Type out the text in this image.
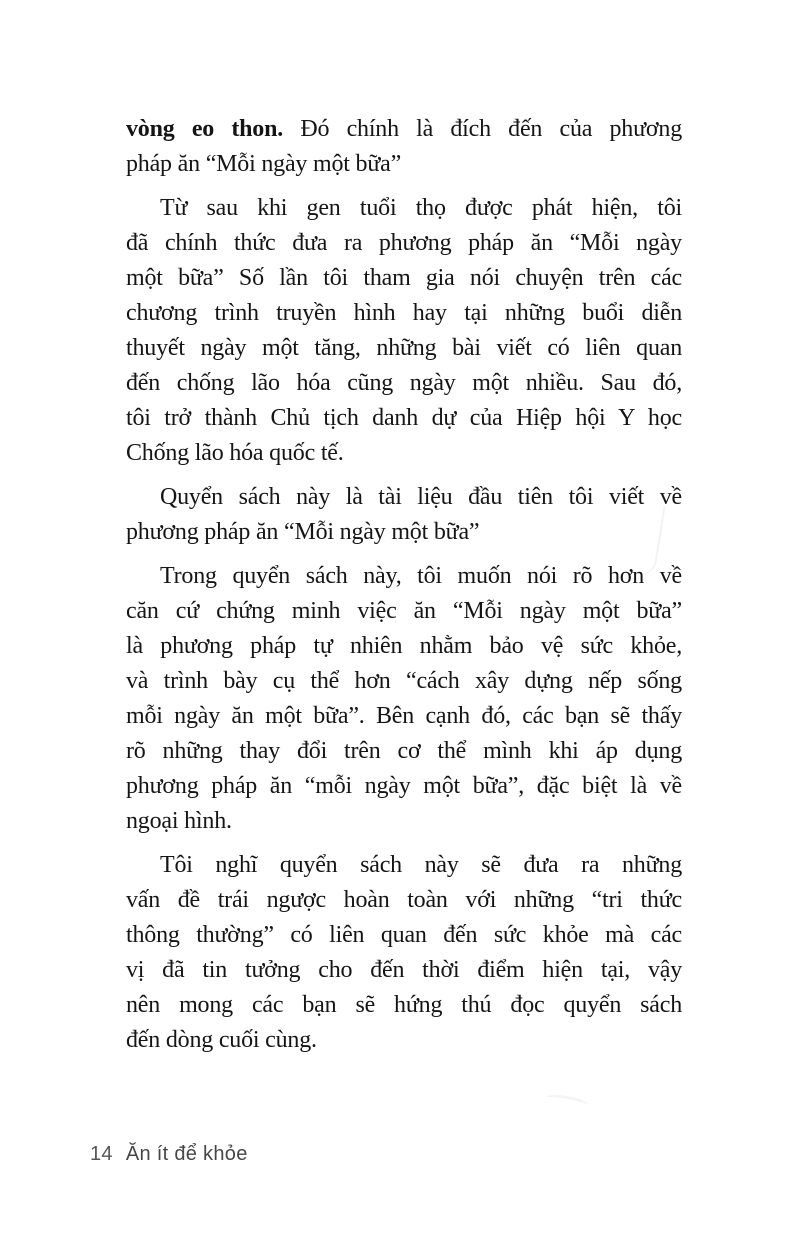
vòng eo thon. Đó chính là đích đến của phương
pháp ăn “Mỗi ngày một bữa”
Từ sau khi gen tuổi thọ được phát hiện, tôi
đã chính thức đưa ra phương pháp ăn “Mỗi ngày
một bữa” Số lần tôi tham gia nói chuyện trên các
chương trình truyền hình hay tại những buổi diễn
thuyết ngày một tăng, những bài viết có liên quan
đến chống lão hóa cũng ngày một nhiều. Sau đó,
tôi trở thành Chủ tịch danh dự của Hiệp hội Y học
Chống lão hóa quốc tế.
Quyển sách này là tài liệu đầu tiên tôi viết về
phương pháp ăn “Mỗi ngày một bữa”
Trong quyển sách này, tôi muốn nói rõ hơn về
căn cứ chứng minh việc ăn “Mỗi ngày một bữa”
là phương pháp tự nhiên nhằm bảo vệ sức khỏe,
và trình bày cụ thể hơn “cách xây dựng nếp sống
mỗi ngày ăn một bữa”. Bên cạnh đó, các bạn sẽ thấy
rõ những thay đổi trên cơ thể mình khi áp dụng
phương pháp ăn “mỗi ngày một bữa”, đặc biệt là về
ngoại hình.
Tôi nghĩ quyển sách này sẽ đưa ra những
vấn đề trái ngược hoàn toàn với những “tri thức
thông thường” có liên quan đến sức khỏe mà các
vị đã tin tưởng cho đến thời điểm hiện tại, vậy
nên mong các bạn sẽ hứng thú đọc quyển sách
đến dòng cuối cùng.
14 Ăn ít để khỏe
